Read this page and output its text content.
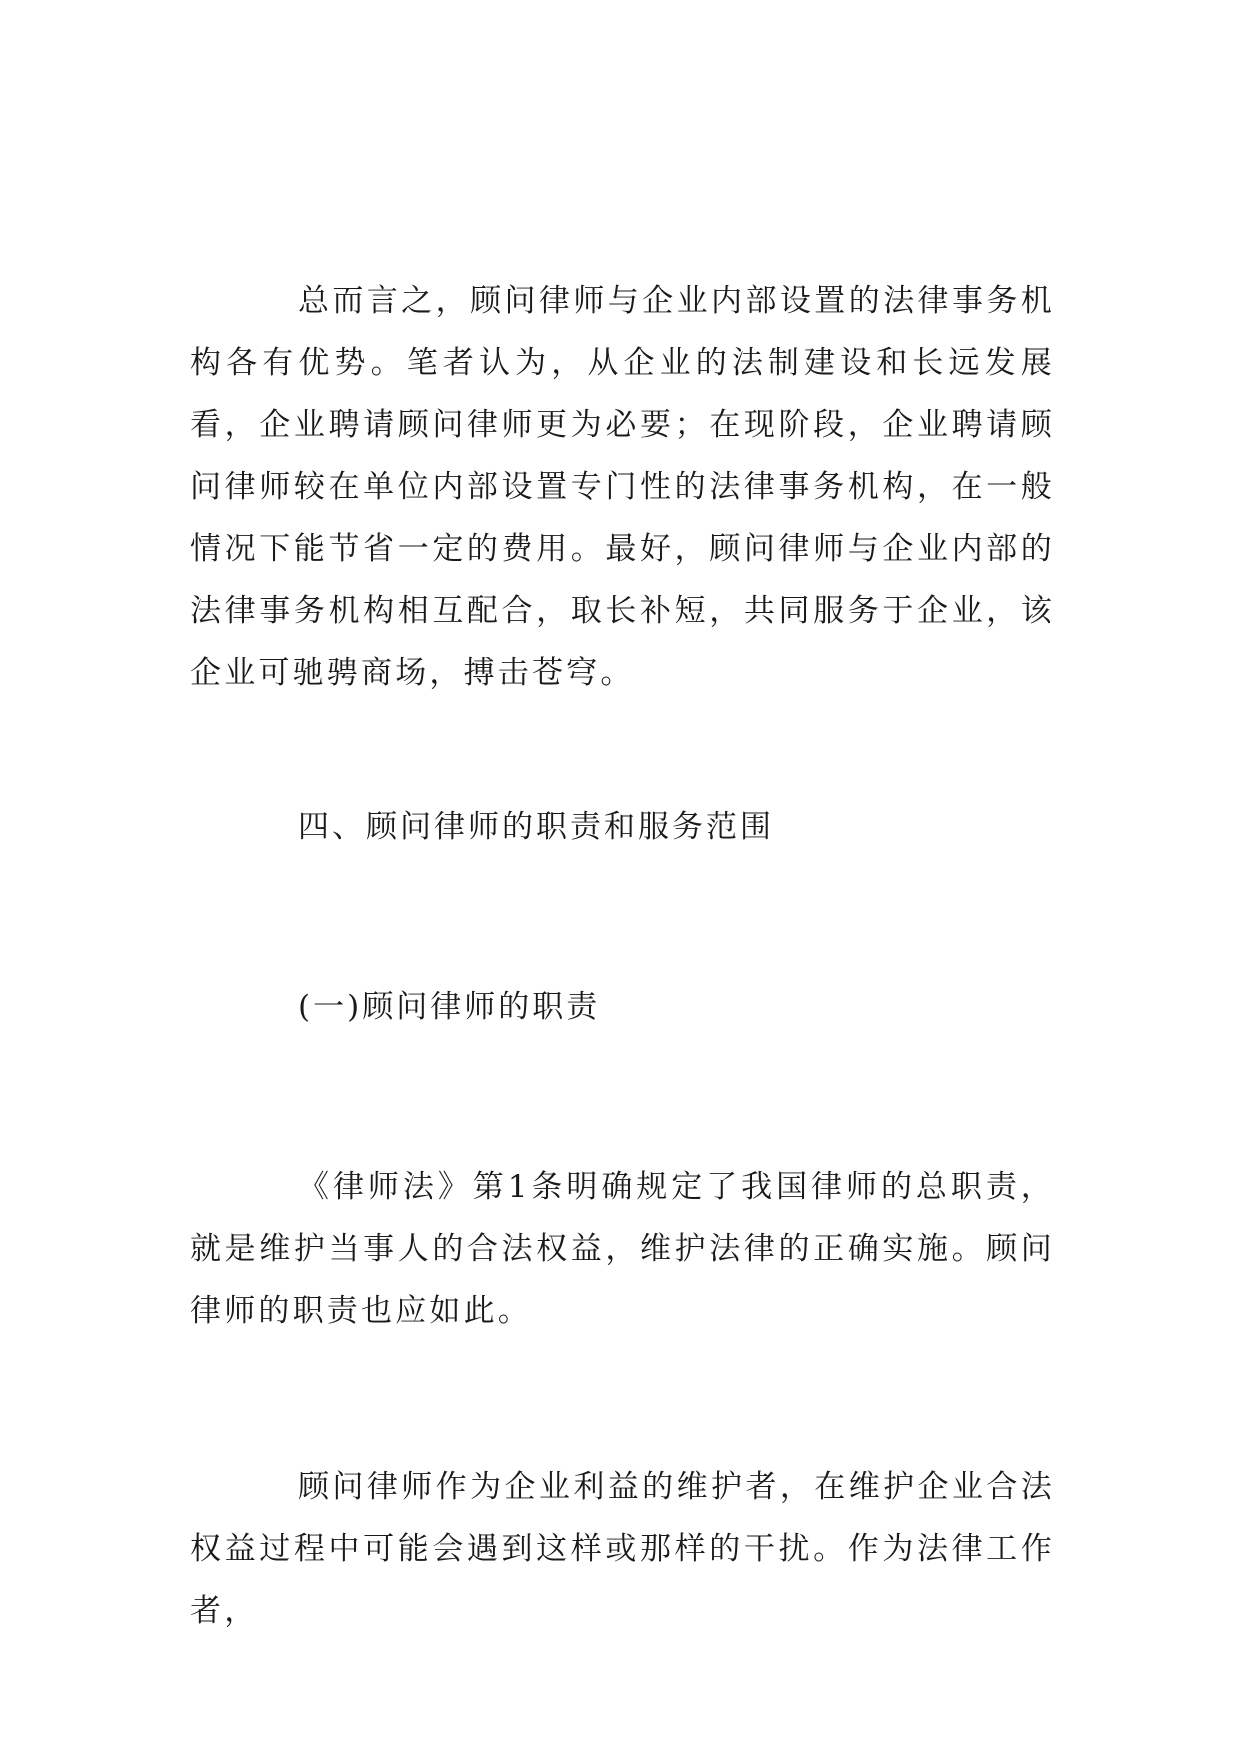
总而言之，顾问律师与企业内部设置的法律事务机构各有优势。笔者认为，从企业的法制建设和长远发展看，企业聘请顾问律师更为必要；在现阶段，企业聘请顾问律师较在单位内部设置专门性的法律事务机构，在一般情况下能节省一定的费用。最好，顾问律师与企业内部的法律事务机构相互配合，取长补短，共同服务于企业，该企业可驰骋商场，搏击苍穹。

四、顾问律师的职责和服务范围

(一)顾问律师的职责

《律师法》第1条明确规定了我国律师的总职责，就是维护当事人的合法权益，维护法律的正确实施。顾问律师的职责也应如此。

顾问律师作为企业利益的维护者，在维护企业合法权益过程中可能会遇到这样或那样的干扰。作为法律工作者，
